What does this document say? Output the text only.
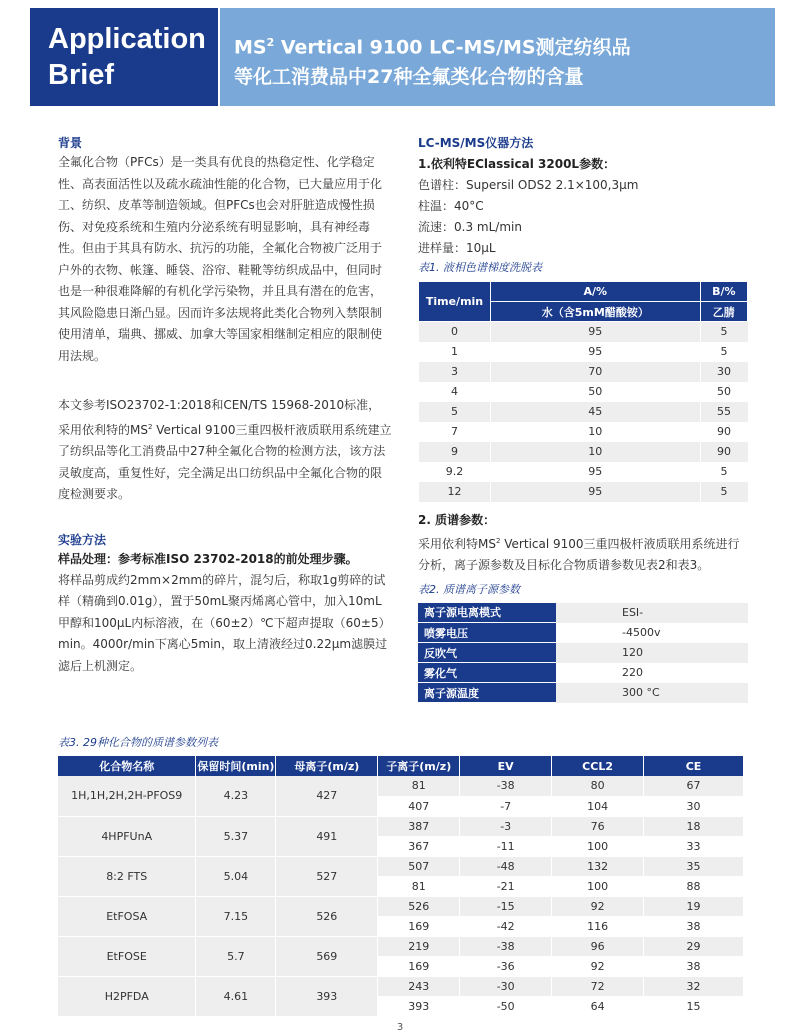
Application
Brief
$MS^2$ Vertical 9100 LC-MS/MS测定纺织品
等化工消费品中27种全氟类化合物的含量
背景
全氟化合物（PFCs）是一类具有优良的热稳定性、化学稳定性、高表面活性以及疏水疏油性能的化合物，已大量应用于化工、纺织、皮革等制造领域。但PFCs也会对肝脏造成慢性损伤、对免疫系统和生殖内分泌系统有明显影响，具有神经毒性。但由于其具有防水、抗污的功能，全氟化合物被广泛用于户外的衣物、帐篷、睡袋、浴帘、鞋靴等纺织成品中，但同时也是一种很难降解的有机化学污染物，并且具有潜在的危害，其风险隐患日渐凸显。因而许多法规将此类化合物列入禁限制使用清单，瑞典、挪威、加拿大等国家相继制定相应的限制使用法规。
本文参考ISO23702-1:2018和CEN/TS 15968-2010标准，采用依利特的$MS^2$ Vertical 9100三重四极杆液质联用系统建立了纺织品等化工消费品中27种全氟化合物的检测方法，该方法灵敏度高，重复性好，完全满足出口纺织品中全氟化合物的限度检测要求。
实验方法
样品处理：参考标准ISO 23702-2018的前处理步骤。
将样品剪成约2mm×2mm的碎片，混匀后，称取1g剪碎的试样（精确到0.01g），置于50mL聚丙烯离心管中，加入10mL甲醇和100μL内标溶液，在（60±2）℃下超声提取（60±5）min。4000r/min下离心5min，取上清液经过0.22μm滤膜过滤后上机测定。
LC-MS/MS仪器方法
1.依利特EClassical 3200L参数：
色谱柱：Supersil ODS2 2.1×100,3μm
柱温：40°C
流速：0.3 mL/min
进样量：10μL
表1. 液相色谱梯度洗脱表
Time/min	A/%	B/%
	水（含5mM醋酸铵）	乙腈
0	95	5
1	95	5
3	70	30
4	50	50
5	45	55
7	10	90
9	10	90
9.2	95	5
12	95	5
2. 质谱参数：
采用依利特$MS^2$ Vertical 9100三重四极杆液质联用系统进行分析，离子源参数及目标化合物质谱参数见表2和表3。
表2. 质谱离子源参数
离子源电离模式	ESI-
喷雾电压	-4500v
反吹气	120
雾化气	220
离子源温度	300 °C
表3. 29种化合物的质谱参数列表
化合物名称	保留时间(min)	母离子(m/z)	子离子(m/z)	EV	CCL2	CE
1H,1H,2H,2H-PFOS9	4.23	427	81	-38	80	67
			407	-7	104	30
4HPFUnA	5.37	491	387	-3	76	18
			367	-11	100	33
8:2 FTS	5.04	527	507	-48	132	35
			81	-21	100	88
EtFOSA	7.15	526	526	-15	92	19
			169	-42	116	38
EtFOSE	5.7	569	219	-38	96	29
			169	-36	92	38
H2PFDA	4.61	393	243	-30	72	32
			393	-50	64	15
3
